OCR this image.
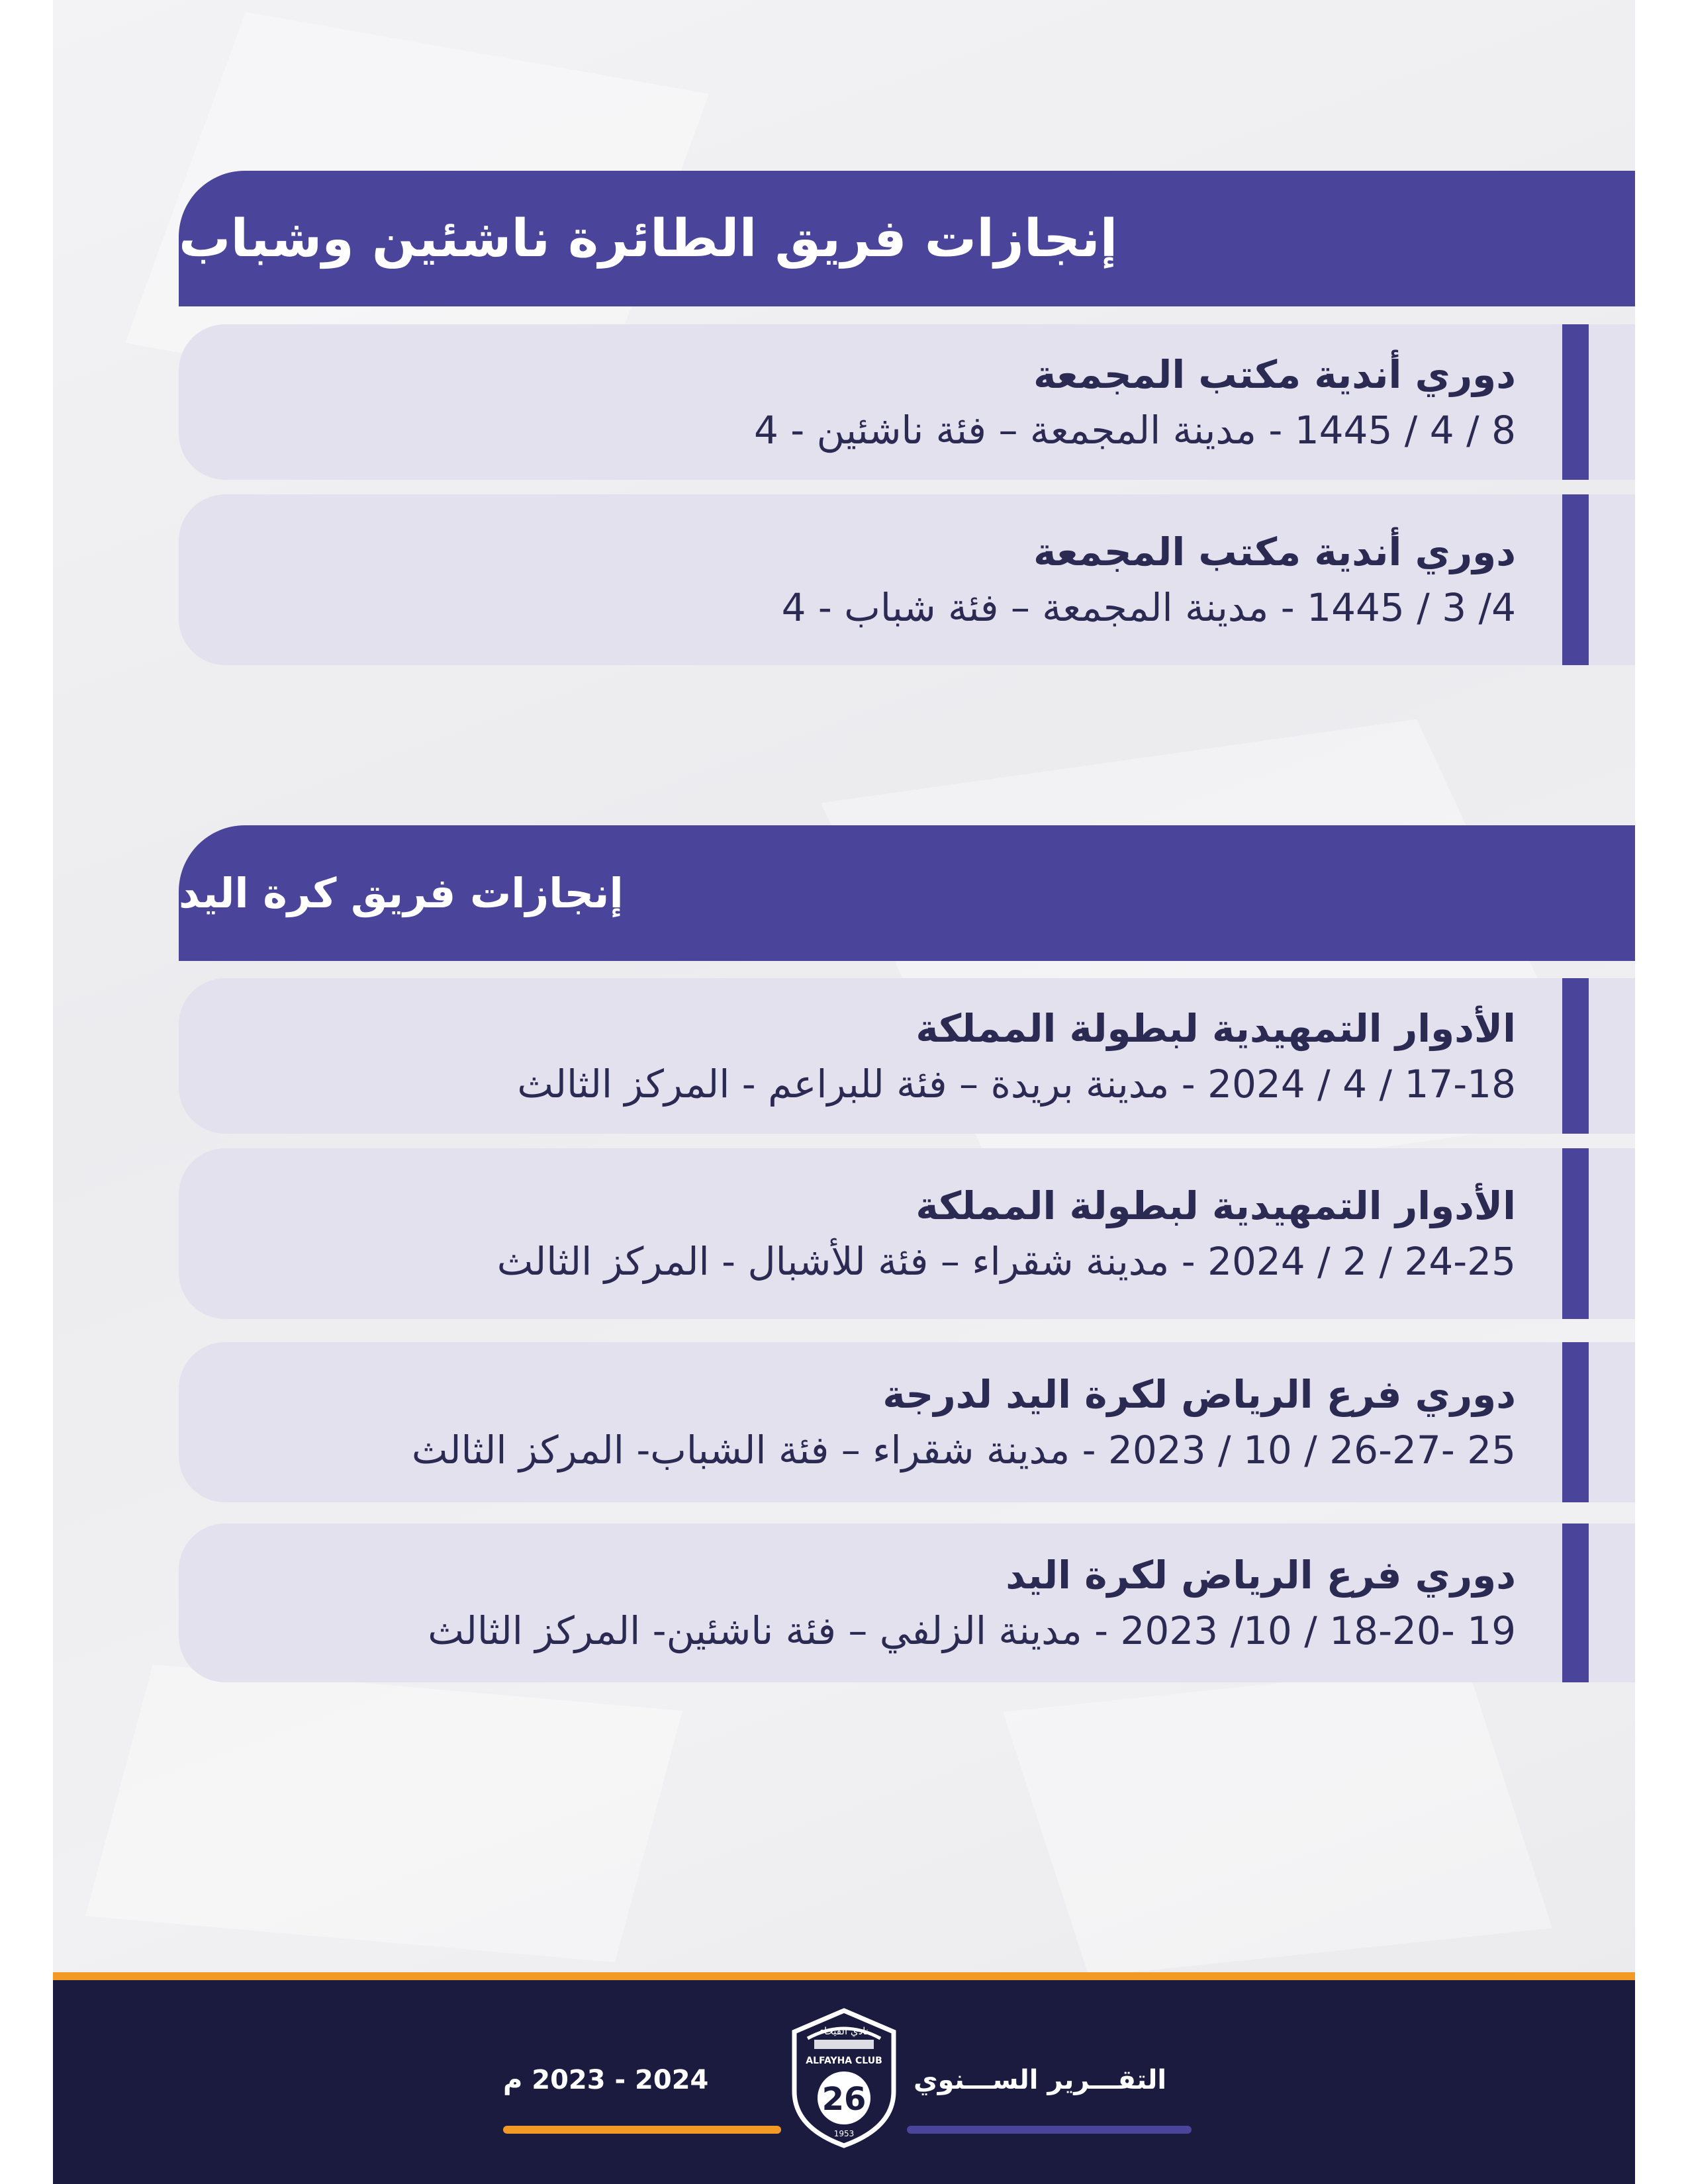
إنجازات فريق الطائرة ناشئين وشباب
دوري أندية مكتب المجمعة
8 / 4 / 1445 - مدينة المجمعة – فئة ناشئين - 4
دوري أندية مكتب المجمعة
4/ 3 / 1445 - مدينة المجمعة – فئة شباب - 4
إنجازات فريق كرة اليد
الأدوار التمهيدية لبطولة المملكة
17-18 / 4 / 2024 - مدينة بريدة – فئة للبراعم - المركز الثالث
الأدوار التمهيدية لبطولة المملكة
24-25 / 2 / 2024 - مدينة شقراء – فئة للأشبال - المركز الثالث
دوري فرع الرياض لكرة اليد لدرجة
25 -26-27 / 10 / 2023 - مدينة شقراء – فئة الشباب- المركز الثالث
دوري فرع الرياض لكرة اليد
19 -18-20 / 10/ 2023 - مدينة الزلفي – فئة ناشئين- المركز الثالث
2024 - 2023 م	التقـــرير الســـنوي
نادي الفيحاء
ALFAYHA CLUB
26
1953
